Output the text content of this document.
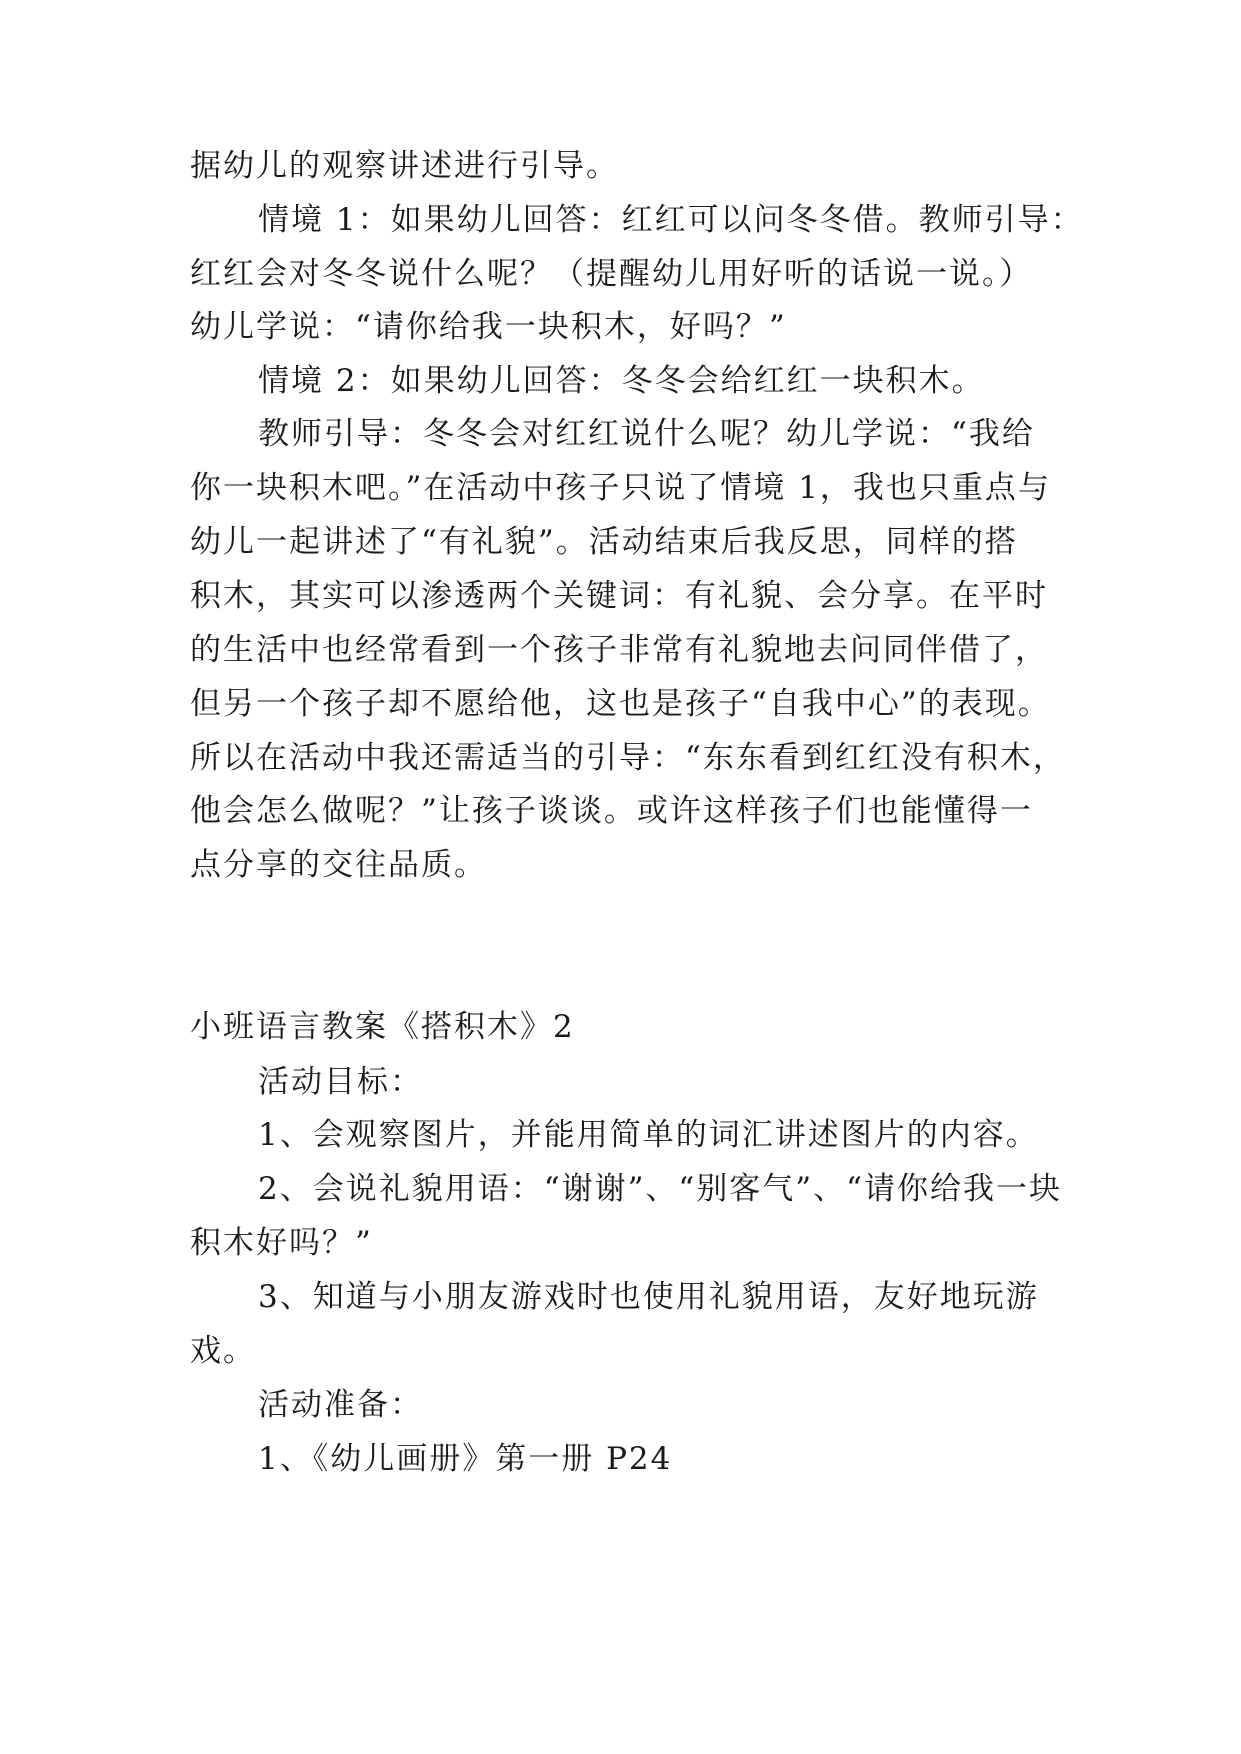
据幼儿的观察讲述进行引导。
情境 1：如果幼儿回答：红红可以问冬冬借。教师引导：
红红会对冬冬说什么呢？（提醒幼儿用好听的话说一说。）
幼儿学说：“请你给我一块积木，好吗？”
情境 2：如果幼儿回答：冬冬会给红红一块积木。
教师引导：冬冬会对红红说什么呢？幼儿学说：“我给
你一块积木吧。”在活动中孩子只说了情境 1，我也只重点与
幼儿一起讲述了“有礼貌”。活动结束后我反思，同样的搭
积木，其实可以渗透两个关键词：有礼貌、会分享。在平时
的生活中也经常看到一个孩子非常有礼貌地去问同伴借了，
但另一个孩子却不愿给他，这也是孩子“自我中心”的表现。
所以在活动中我还需适当的引导：“东东看到红红没有积木，
他会怎么做呢？”让孩子谈谈。或许这样孩子们也能懂得一
点分享的交往品质。
小班语言教案《搭积木》2
活动目标：
1、会观察图片，并能用简单的词汇讲述图片的内容。
2、会说礼貌用语：“谢谢”、“别客气”、“请你给我一块
积木好吗？”
3、知道与小朋友游戏时也使用礼貌用语，友好地玩游
戏。
活动准备：
1、《幼儿画册》第一册 P24
